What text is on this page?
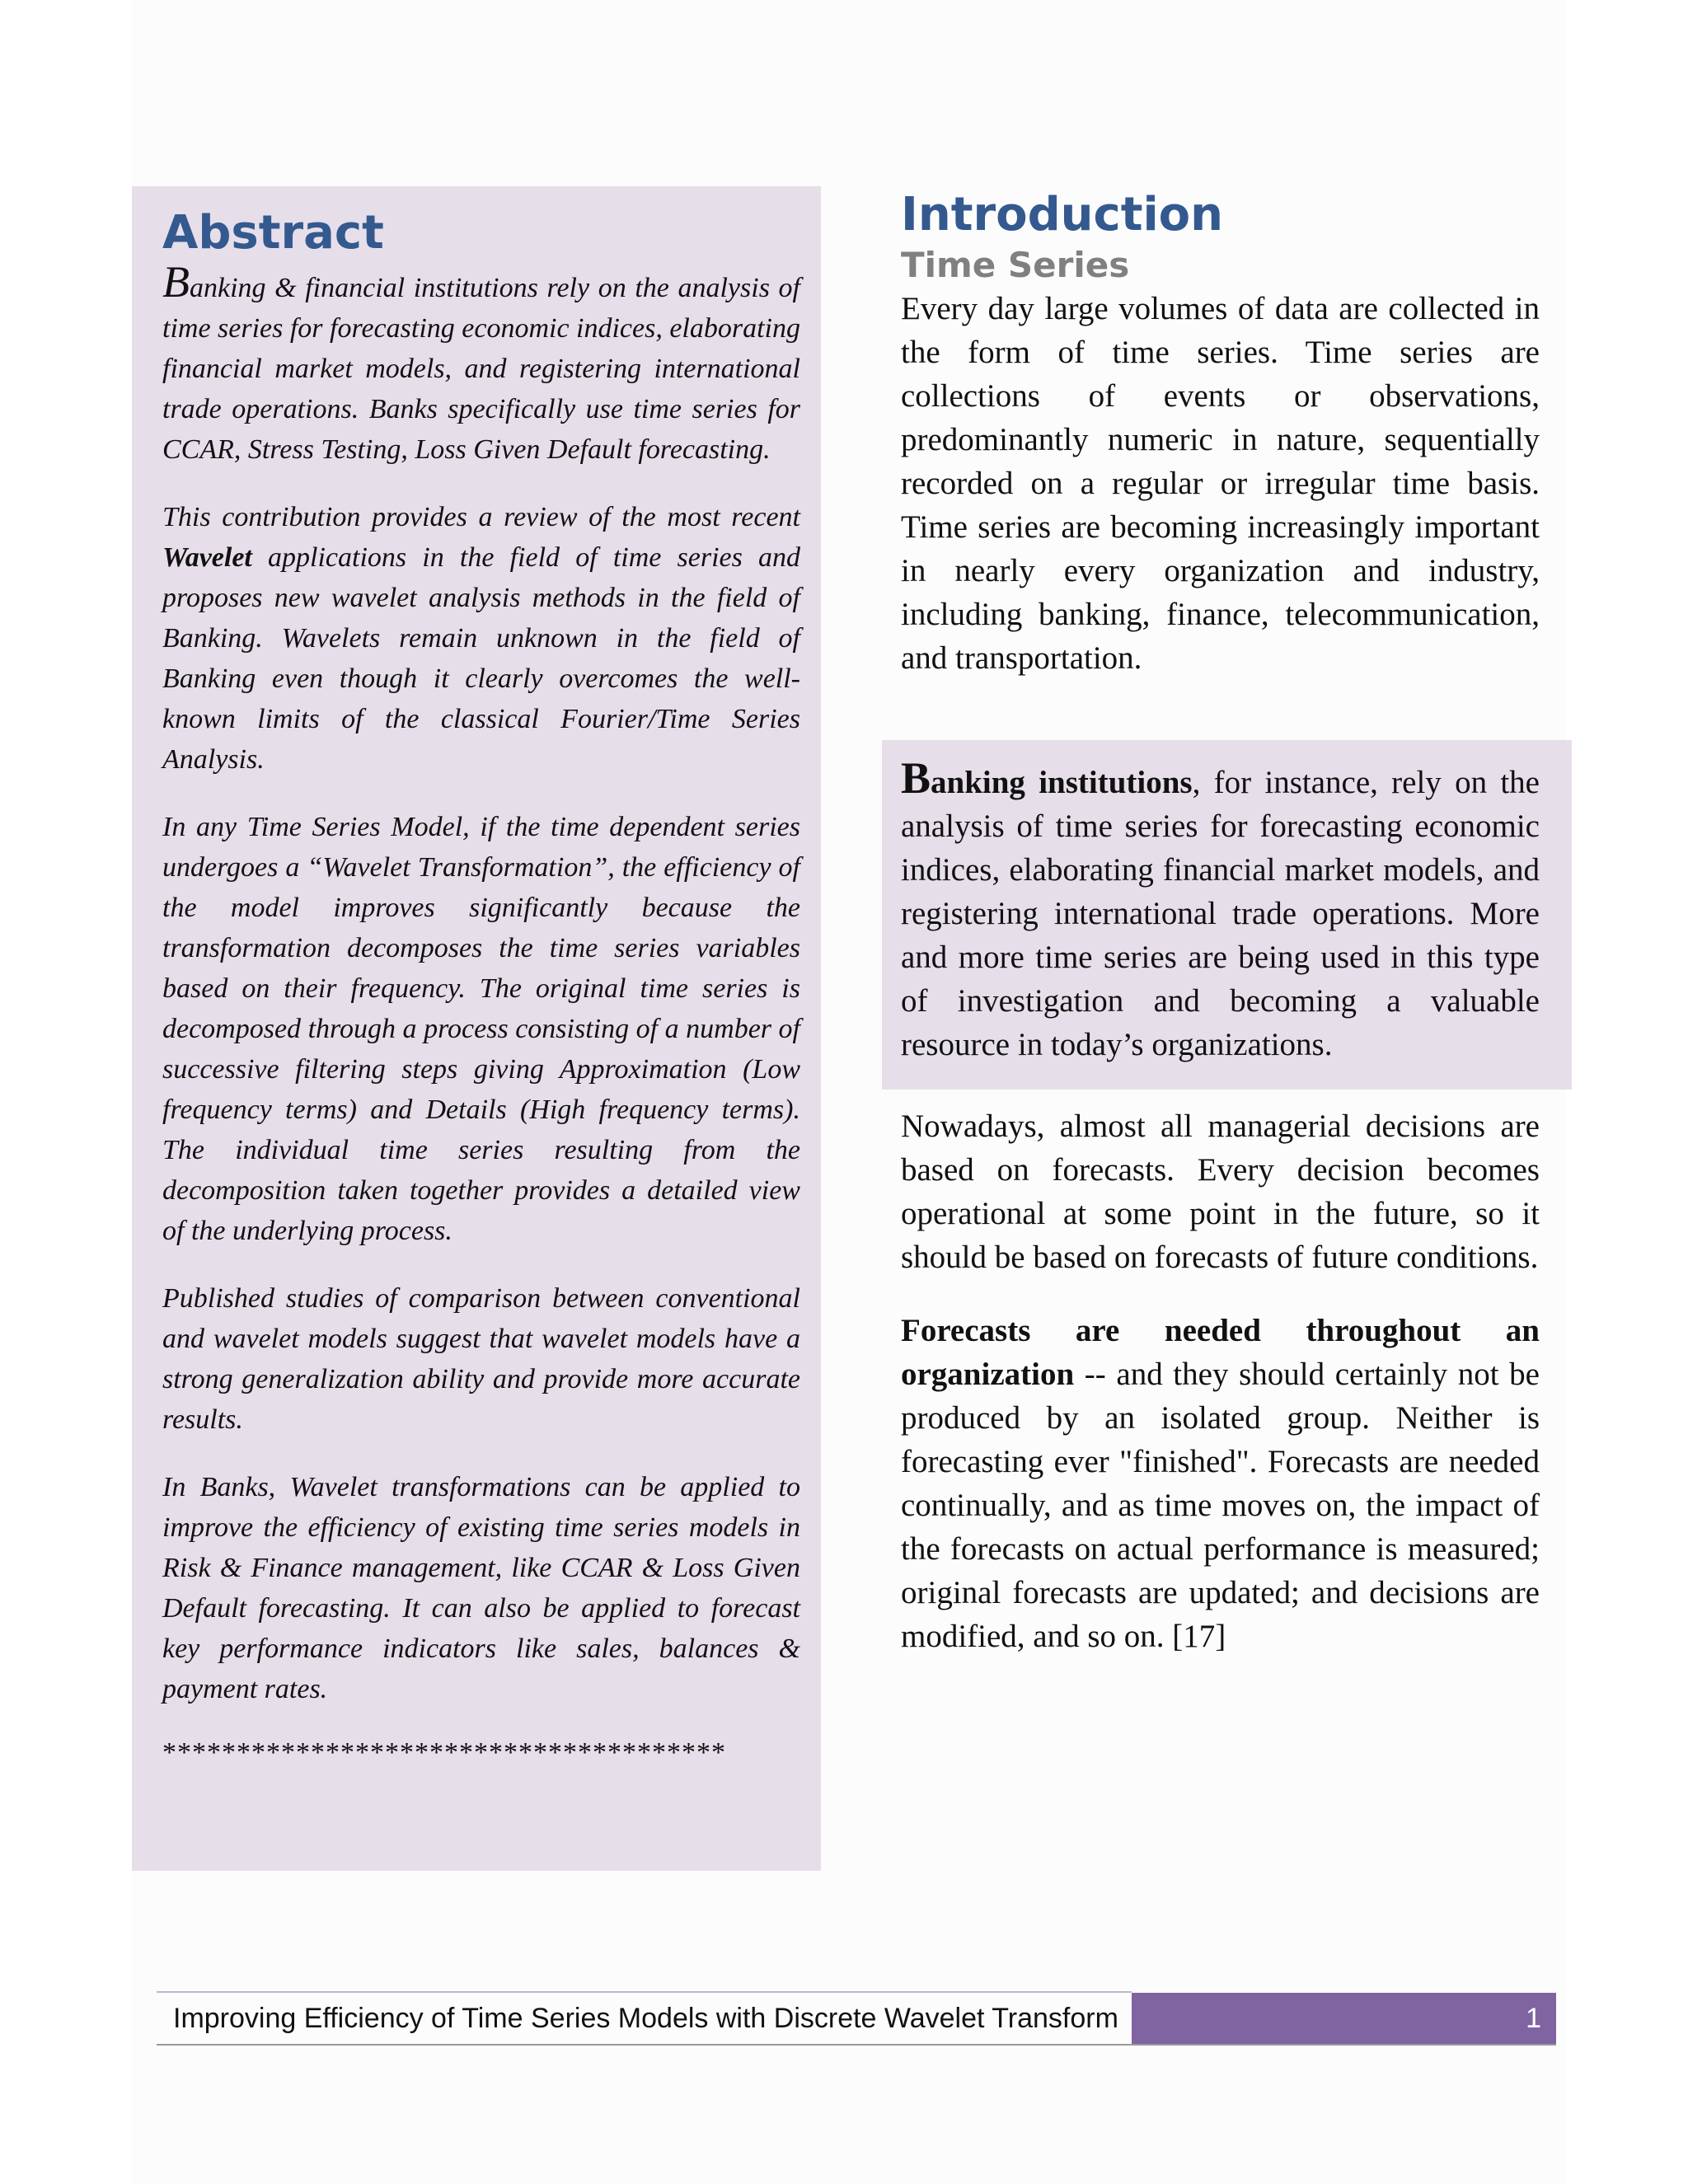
Abstract

Banking & financial institutions rely on the analysis of time series for forecasting economic indices, elaborating financial market models, and registering international trade operations. Banks specifically use time series for CCAR, Stress Testing, Loss Given Default forecasting.

This contribution provides a review of the most recent Wavelet applications in the field of time series and proposes new wavelet analysis methods in the field of Banking. Wavelets remain unknown in the field of Banking even though it clearly overcomes the well-known limits of the classical Fourier/Time Series Analysis.

In any Time Series Model, if the time dependent series undergoes a “Wavelet Transformation”, the efficiency of the model improves significantly because the transformation decomposes the time series variables based on their frequency. The original time series is decomposed through a process consisting of a number of successive filtering steps giving Approximation (Low frequency terms) and Details (High frequency terms). The individual time series resulting from the decomposition taken together provides a detailed view of the underlying process.

Published studies of comparison between conventional and wavelet models suggest that wavelet models have a strong generalization ability and provide more accurate results.

In Banks, Wavelet transformations can be applied to improve the efficiency of existing time series models in Risk & Finance management, like CCAR & Loss Given Default forecasting. It can also be applied to forecast key performance indicators like sales, balances & payment rates.

**************************************
Introduction
Time Series

Every day large volumes of data are collected in the form of time series. Time series are collections of events or observations, predominantly numeric in nature, sequentially recorded on a regular or irregular time basis. Time series are becoming increasingly important in nearly every organization and industry, including banking, finance, telecommunication, and transportation.

Banking institutions, for instance, rely on the analysis of time series for forecasting economic indices, elaborating financial market models, and registering international trade operations. More and more time series are being used in this type of investigation and becoming a valuable resource in today’s organizations.

Nowadays, almost all managerial decisions are based on forecasts. Every decision becomes operational at some point in the future, so it should be based on forecasts of future conditions.

Forecasts are needed throughout an organization -- and they should certainly not be produced by an isolated group. Neither is forecasting ever "finished". Forecasts are needed continually, and as time moves on, the impact of the forecasts on actual performance is measured; original forecasts are updated; and decisions are modified, and so on. [17]

Improving Efficiency of Time Series Models with Discrete Wavelet Transform	1
